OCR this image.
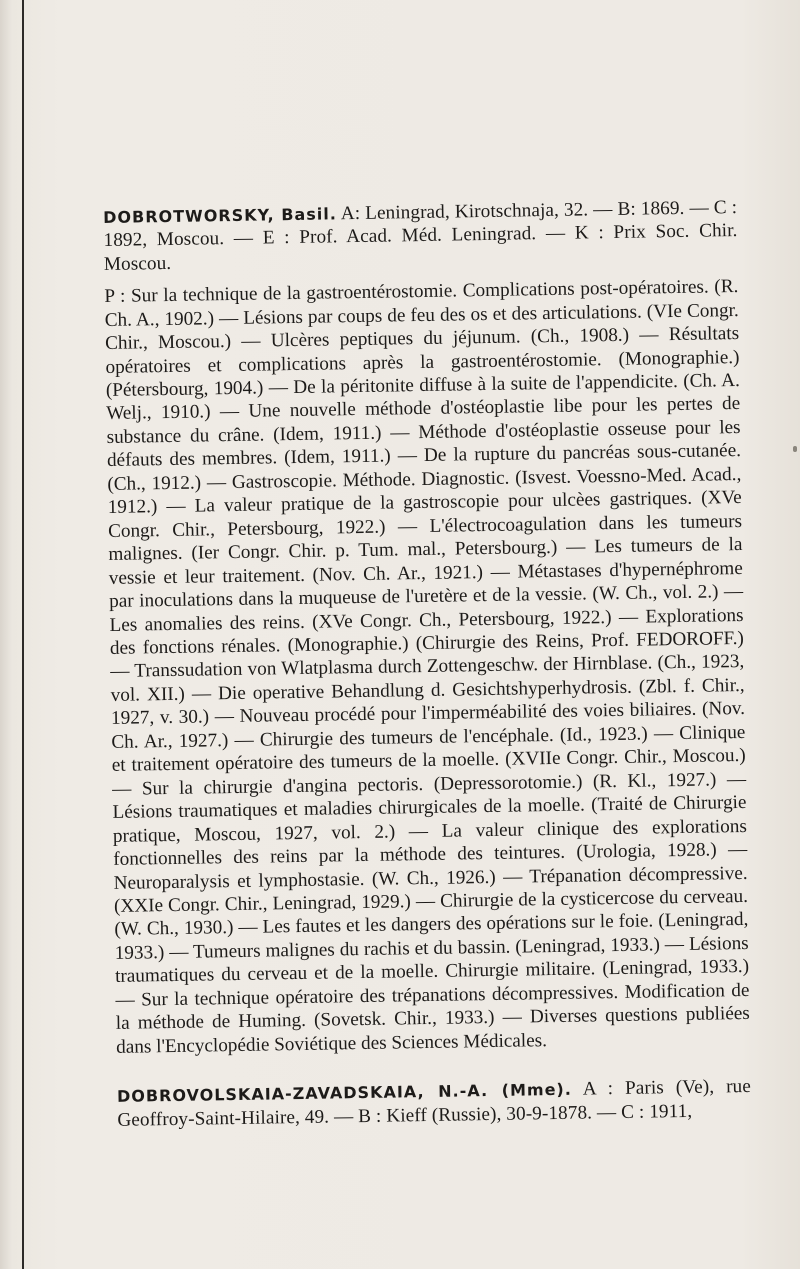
DOBROTWORSKY, Basil. A: Leningrad, Kirotschnaja, 32. — B: 1869. — C : 1892, Moscou. — E : Prof. Acad. Méd. Leningrad. — K : Prix Soc. Chir. Moscou.
P : Sur la technique de la gastroentérostomie. Complications post-opératoires. (R. Ch. A., 1902.) — Lésions par coups de feu des os et des articulations. (VIe Congr. Chir., Moscou.) — Ulcères peptiques du jéjunum. (Ch., 1908.) — Résultats opératoires et complications après la gastroentérostomie. (Monographie.) (Pétersbourg, 1904.) — De la péritonite diffuse à la suite de l'appendicite. (Ch. A. Welj., 1910.) — Une nouvelle méthode d'ostéoplastie libe pour les pertes de substance du crâne. (Idem, 1911.) — Méthode d'ostéoplastie osseuse pour les défauts des membres. (Idem, 1911.) — De la rupture du pancréas sous-cutanée. (Ch., 1912.) — Gastroscopie. Méthode. Diagnostic. (Isvest. Voessno-Med. Acad., 1912.) — La valeur pratique de la gastroscopie pour ulcèes gastriques. (XVe Congr. Chir., Petersbourg, 1922.) — L'électrocoagulation dans les tumeurs malignes. (Ier Congr. Chir. p. Tum. mal., Petersbourg.) — Les tumeurs de la vessie et leur traitement. (Nov. Ch. Ar., 1921.) — Métastases d'hypernéphrome par inoculations dans la muqueuse de l'uretère et de la vessie. (W. Ch., vol. 2.) — Les anomalies des reins. (XVe Congr. Ch., Petersbourg, 1922.) — Explorations des fonctions rénales. (Monographie.) (Chirurgie des Reins, Prof. FEDOROFF.) — Transsudation von Wlatplasma durch Zottengeschw. der Hirnblase. (Ch., 1923, vol. XII.) — Die operative Behandlung d. Gesichtshyperhydrosis. (Zbl. f. Chir., 1927, v. 30.) — Nouveau procédé pour l'imperméabilité des voies biliaires. (Nov. Ch. Ar., 1927.) — Chirurgie des tumeurs de l'encéphale. (Id., 1923.) — Clinique et traitement opératoire des tumeurs de la moelle. (XVIIe Congr. Chir., Moscou.) — Sur la chirurgie d'angina pectoris. (Depressorotomie.) (R. Kl., 1927.) — Lésions traumatiques et maladies chirurgicales de la moelle. (Traité de Chirurgie pratique, Moscou, 1927, vol. 2.) — La valeur clinique des explorations fonctionnelles des reins par la méthode des teintures. (Urologia, 1928.) — Neuroparalysis et lymphostasie. (W. Ch., 1926.) — Trépanation décompressive. (XXIe Congr. Chir., Leningrad, 1929.) — Chirurgie de la cysticercose du cerveau. (W. Ch., 1930.) — Les fautes et les dangers des opérations sur le foie. (Leningrad, 1933.) — Tumeurs malignes du rachis et du bassin. (Leningrad, 1933.) — Lésions traumatiques du cerveau et de la moelle. Chirurgie militaire. (Leningrad, 1933.) — Sur la technique opératoire des trépanations décompressives. Modification de la méthode de Huming. (Sovetsk. Chir., 1933.) — Diverses questions publiées dans l'Encyclopédie Soviétique des Sciences Médicales.
DOBROVOLSKAIA-ZAVADSKAIA, N.-A. (Mme). A : Paris (Ve), rue Geoffroy-Saint-Hilaire, 49. — B : Kieff (Russie), 30-9-1878. — C : 1911,
